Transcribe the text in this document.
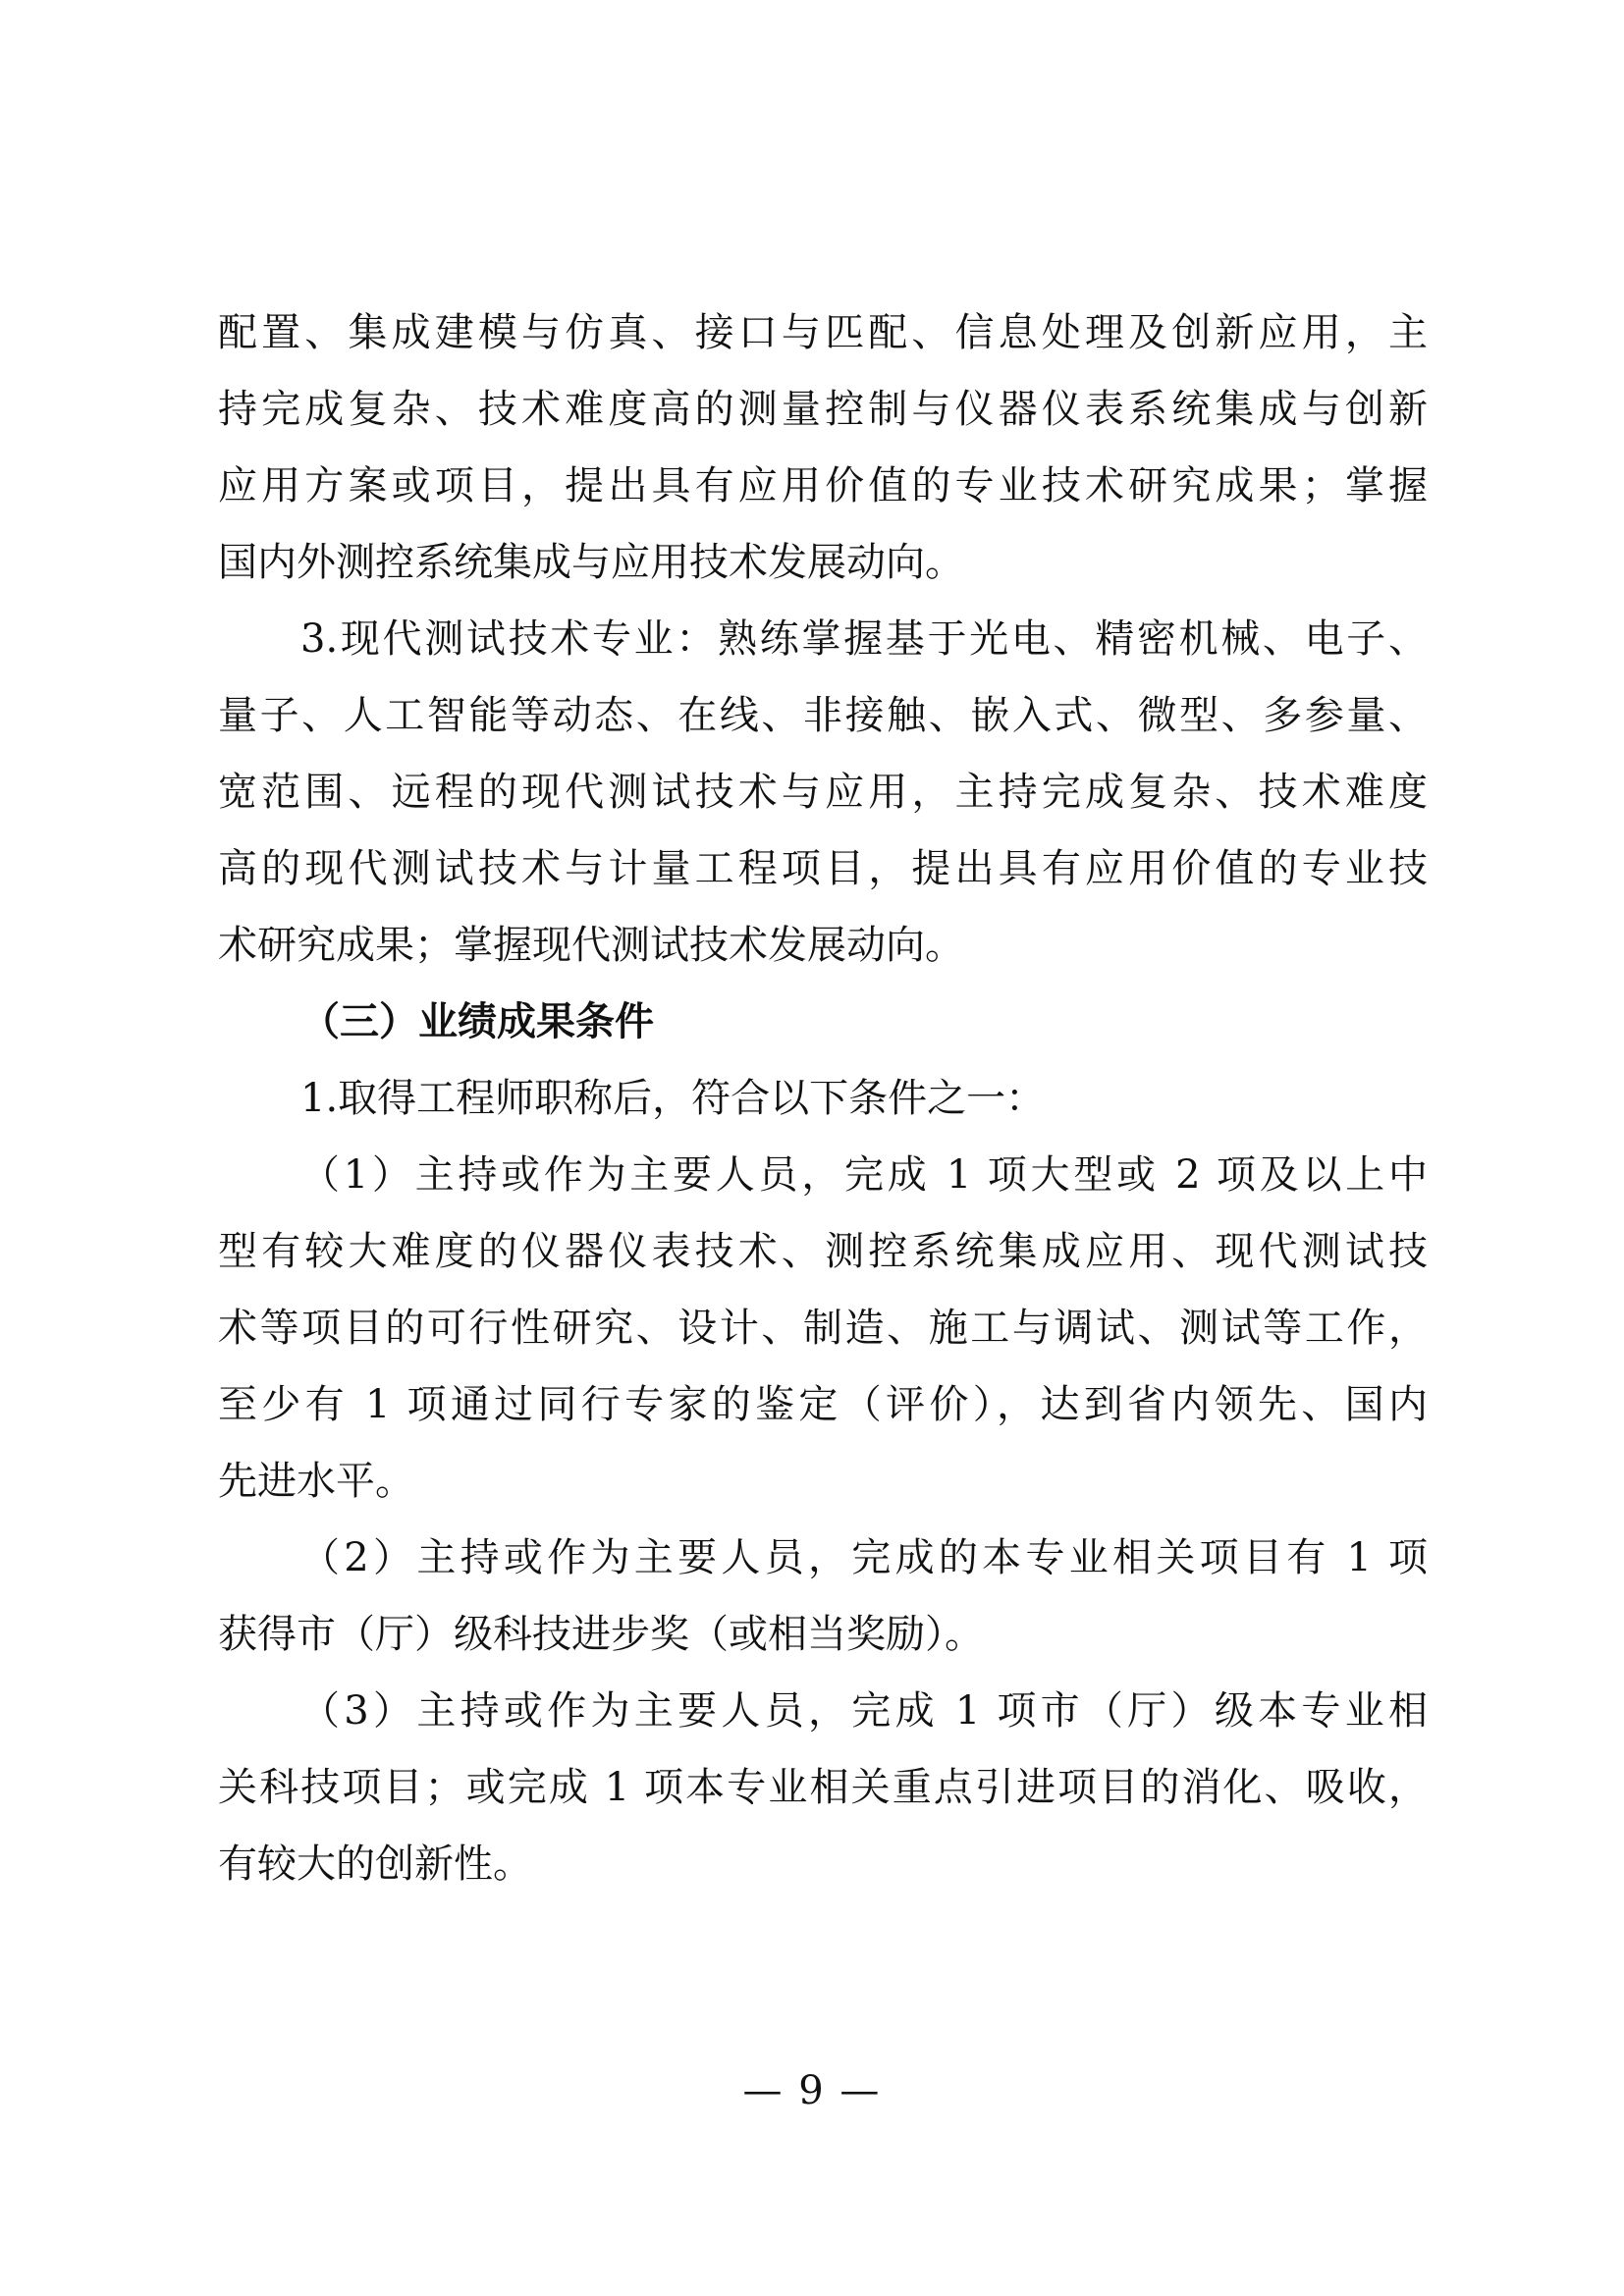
配置、集成建模与仿真、接口与匹配、信息处理及创新应用，主
持完成复杂、技术难度高的测量控制与仪器仪表系统集成与创新
应用方案或项目，提出具有应用价值的专业技术研究成果；掌握
国内外测控系统集成与应用技术发展动向。
3.现代测试技术专业：熟练掌握基于光电、精密机械、电子、
量子、人工智能等动态、在线、非接触、嵌入式、微型、多参量、
宽范围、远程的现代测试技术与应用，主持完成复杂、技术难度
高的现代测试技术与计量工程项目，提出具有应用价值的专业技
术研究成果；掌握现代测试技术发展动向。
（三）业绩成果条件
1.取得工程师职称后，符合以下条件之一：
（1）主持或作为主要人员，完成 1 项大型或 2 项及以上中
型有较大难度的仪器仪表技术、测控系统集成应用、现代测试技
术等项目的可行性研究、设计、制造、施工与调试、测试等工作，
至少有 1 项通过同行专家的鉴定（评价），达到省内领先、国内
先进水平。
（2）主持或作为主要人员，完成的本专业相关项目有 1 项
获得市（厅）级科技进步奖（或相当奖励）。
（3）主持或作为主要人员，完成 1 项市（厅）级本专业相
关科技项目；或完成 1 项本专业相关重点引进项目的消化、吸收，
有较大的创新性。
— 9 —
